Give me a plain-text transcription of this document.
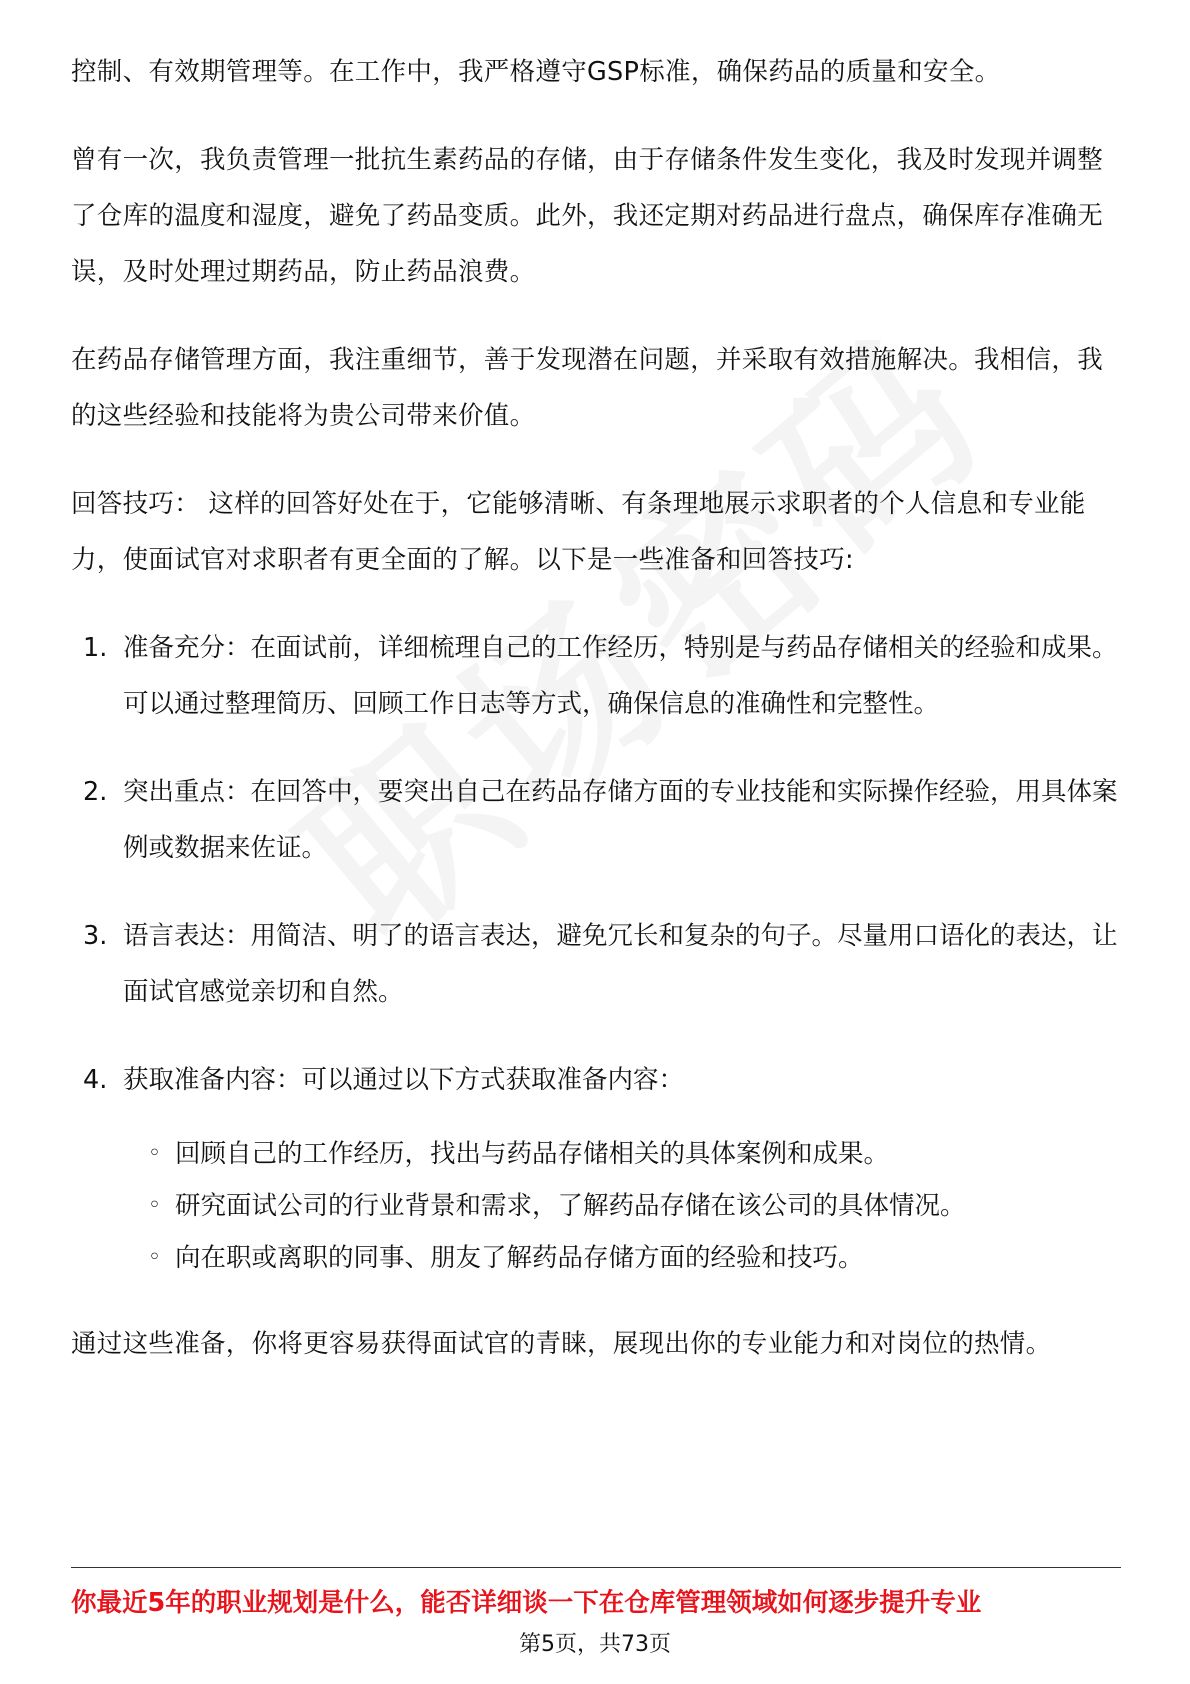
控制、有效期管理等。在工作中，我严格遵守GSP标准，确保药品的质量和安全。

曾有一次，我负责管理一批抗生素药品的存储，由于存储条件发生变化，我及时发现并调整了仓库的温度和湿度，避免了药品变质。此外，我还定期对药品进行盘点，确保库存准确无误，及时处理过期药品，防止药品浪费。

在药品存储管理方面，我注重细节，善于发现潜在问题，并采取有效措施解决。我相信，我的这些经验和技能将为贵公司带来价值。

回答技巧： 这样的回答好处在于，它能够清晰、有条理地展示求职者的个人信息和专业能力，使面试官对求职者有更全面的了解。以下是一些准备和回答技巧:

1. 准备充分：在面试前，详细梳理自己的工作经历，特别是与药品存储相关的经验和成果。可以通过整理简历、回顾工作日志等方式，确保信息的准确性和完整性。
2. 突出重点：在回答中，要突出自己在药品存储方面的专业技能和实际操作经验，用具体案例或数据来佐证。
3. 语言表达：用简洁、明了的语言表达，避免冗长和复杂的句子。尽量用口语化的表达，让面试官感觉亲切和自然。
4. 获取准备内容：可以通过以下方式获取准备内容：
◦ 回顾自己的工作经历，找出与药品存储相关的具体案例和成果。
◦ 研究面试公司的行业背景和需求，了解药品存储在该公司的具体情况。
◦ 向在职或离职的同事、朋友了解药品存储方面的经验和技巧。

通过这些准备，你将更容易获得面试官的青睐，展现出你的专业能力和对岗位的热情。

你最近5年的职业规划是什么，能否详细谈一下在仓库管理领域如何逐步提升专业
第5页，共73页
